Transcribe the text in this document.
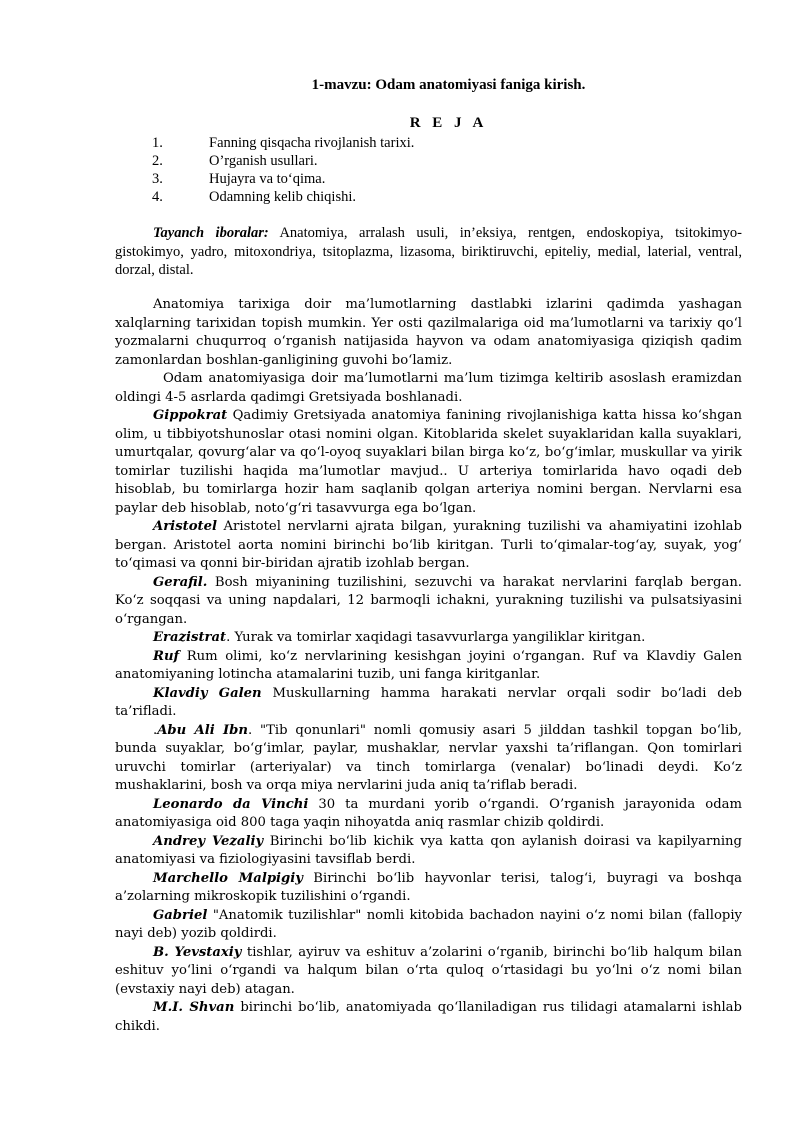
1-mavzu: Odam anatomiyasi faniga kirish.
R E J A
1.	Fanning qisqacha rivojlanish tarixi.
2.	O’rganish usullari.
3.	Hujayra va to‘qima.
4.	Odamning kelib chiqishi.
Tayanch iboralar: Anatomiya, arralash usuli, in’eksiya, rentgen, endoskopiya, tsitokimyo-gistokimyo, yadro, mitoxondriya, tsitoplazma, lizasoma, biriktiruvchi, epiteliy, medial, laterial, ventral, dorzal, distal.

Anatomiya tarixiga doir ma’lumotlarning dastlabki izlarini qadimda yashagan xalqlarning tarixidan topish mumkin. Yer osti qazilmalariga oid ma’lumotlarni va tarixiy qo‘l yozmalarni chuqurroq o‘rganish natijasida hayvon va odam anatomiyasiga qiziqish qadim zamonlardan boshlan-ganligining guvohi bo‘lamiz.

Odam anatomiyasiga doir ma’lumotlarni ma’lum tizimga keltirib asoslash eramizdan oldingi 4-5 asrlarda qadimgi Gretsiyada boshlanadi.

Gippokrat Qadimiy Gretsiyada anatomiya fanining rivojlanishiga katta hissa ko‘shgan olim, u tibbiyotshunoslar otasi nomini olgan. Kitoblarida skelet suyaklaridan kalla suyaklari, umurtqalar, qovurg‘alar va qo‘l-oyoq suyaklari bilan birga ko‘z, bo‘g‘imlar, muskullar va yirik tomirlar tuzilishi haqida ma’lumotlar mavjud.. U arteriya tomirlarida havo oqadi deb hisoblab, bu tomirlarga hozir ham saqlanib qolgan arteriya nomini bergan. Nervlarni esa paylar deb hisoblab, noto‘g‘ri tasavvurga ega bo‘lgan.

Aristotel Aristotel nervlarni ajrata bilgan, yurakning tuzilishi va ahamiyatini izohlab bergan. Aristotel aorta nomini birinchi bo‘lib kiritgan. Turli to‘qimalar-tog‘ay, suyak, yog‘ to‘qimasi va qonni bir-biridan ajratib izohlab bergan.

Gerafil. Bosh miyanining tuzilishini, sezuvchi va harakat nervlarini farqlab bergan. Ko‘z soqqasi va uning napdalari, 12 barmoqli ichakni, yurakning tuzilishi va pulsatsiyasini o‘rgangan.

Erazistrat. Yurak va tomirlar xaqidagi tasavvurlarga yangiliklar kiritgan.

Ruf Rum olimi, ko‘z nervlarining kesishgan joyini o‘rgangan. Ruf va Klavdiy Galen anatomiyaning lotincha atamalarini tuzib, uni fanga kiritganlar.

Klavdiy Galen Muskullarning hamma harakati nervlar orqali sodir bo‘ladi deb ta’rifladi.

.Abu Ali Ibn. "Tib qonunlari" nomli qomusiy asari 5 jilddan tashkil topgan bo‘lib, bunda suyaklar, bo‘g‘imlar, paylar, mushaklar, nervlar yaxshi ta’riflangan. Qon tomirlari uruvchi tomirlar (arteriyalar) va tinch tomirlarga (venalar) bo‘linadi deydi. Ko‘z mushaklarini, bosh va orqa miya nervlarini juda aniq ta’riflab beradi.

Leonardo da Vinchi 30 ta murdani yorib o‘rgandi. O’rganish jarayonida odam anatomiyasiga oid 800 taga yaqin nihoyatda aniq rasmlar chizib qoldirdi.

Andrey Vezaliy Birinchi bo‘lib kichik vya katta qon aylanish doirasi va kapilyarning anatomiyasi va fiziologiyasini tavsiflab berdi.

Marchello Malpigiy Birinchi bo‘lib hayvonlar terisi, talog‘i, buyragi va boshqa a’zolarning mikroskopik tuzilishini o‘rgandi.

Gabriel "Anatomik tuzilishlar" nomli kitobida bachadon nayini o‘z nomi bilan (fallopiy nayi deb) yozib qoldirdi.

B. Yevstaxiy tishlar, ayiruv va eshituv a’zolarini o‘rganib, birinchi bo‘lib halqum bilan eshituv yo‘lini o‘rgandi va halqum bilan o‘rta quloq o‘rtasidagi bu yo‘lni o‘z nomi bilan (evstaxiy nayi deb) atagan.

M.I. Shvan birinchi bo‘lib, anatomiyada qo‘llaniladigan rus tilidagi atamalarni ishlab chikdi.
